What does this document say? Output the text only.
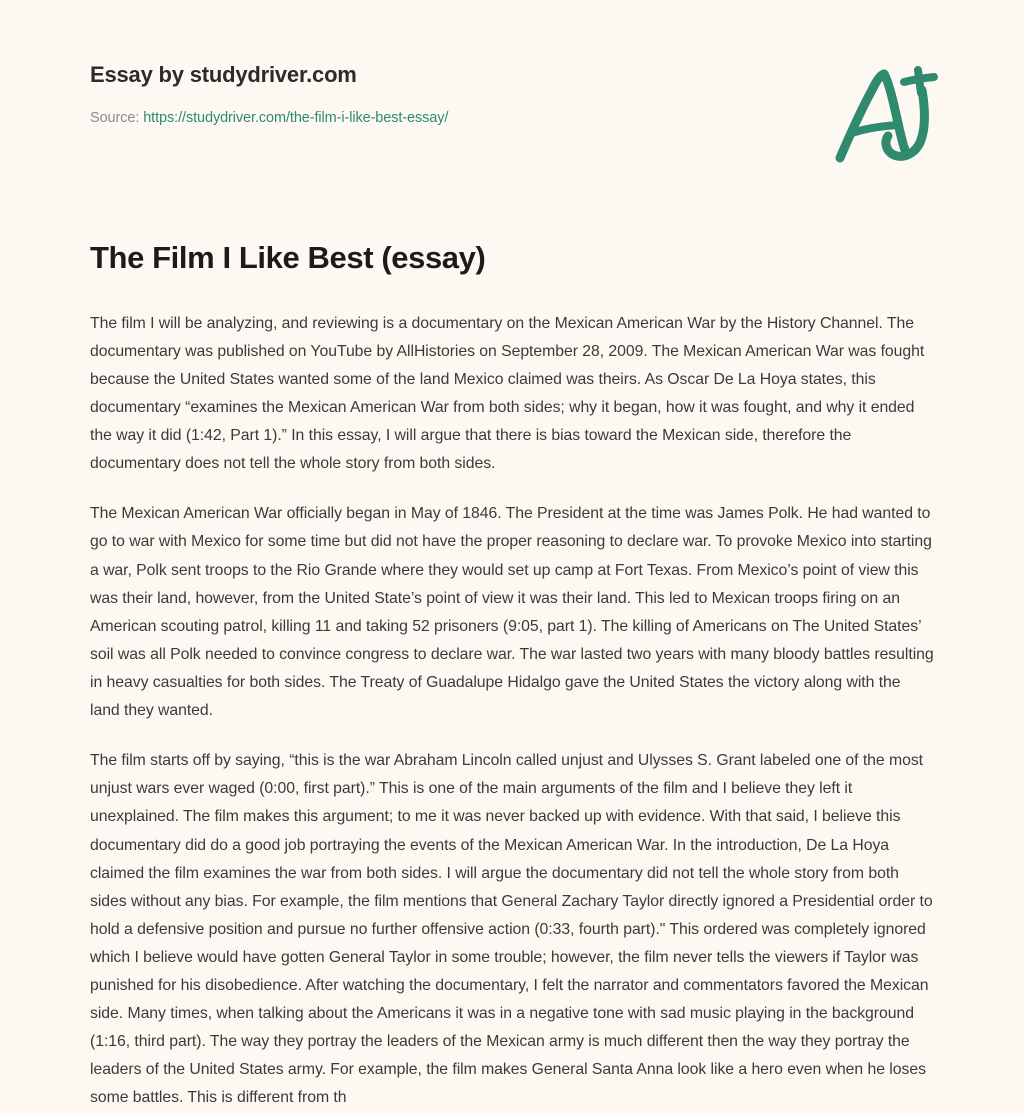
Essay by studydriver.com
Source: https://studydriver.com/the-film-i-like-best-essay/
The Film I Like Best (essay)

The film I will be analyzing, and reviewing is a documentary on the Mexican American War by the History Channel. The documentary was published on YouTube by AllHistories on September 28, 2009. The Mexican American War was fought because the United States wanted some of the land Mexico claimed was theirs. As Oscar De La Hoya states, this documentary “examines the Mexican American War from both sides; why it began, how it was fought, and why it ended the way it did (1:42, Part 1).” In this essay, I will argue that there is bias toward the Mexican side, therefore the documentary does not tell the whole story from both sides.

The Mexican American War officially began in May of 1846. The President at the time was James Polk. He had wanted to go to war with Mexico for some time but did not have the proper reasoning to declare war. To provoke Mexico into starting a war, Polk sent troops to the Rio Grande where they would set up camp at Fort Texas. From Mexico’s point of view this was their land, however, from the United State’s point of view it was their land. This led to Mexican troops firing on an American scouting patrol, killing 11 and taking 52 prisoners (9:05, part 1). The killing of Americans on The United States’ soil was all Polk needed to convince congress to declare war. The war lasted two years with many bloody battles resulting in heavy casualties for both sides. The Treaty of Guadalupe Hidalgo gave the United States the victory along with the land they wanted.

The film starts off by saying, “this is the war Abraham Lincoln called unjust and Ulysses S. Grant labeled one of the most unjust wars ever waged (0:00, first part).” This is one of the main arguments of the film and I believe they left it unexplained. The film makes this argument; to me it was never backed up with evidence. With that said, I believe this documentary did do a good job portraying the events of the Mexican American War. In the introduction, De La Hoya claimed the film examines the war from both sides. I will argue the documentary did not tell the whole story from both sides without any bias. For example, the film mentions that General Zachary Taylor directly ignored a Presidential order to hold a defensive position and pursue no further offensive action (0:33, fourth part)." This ordered was completely ignored which I believe would have gotten General Taylor in some trouble; however, the film never tells the viewers if Taylor was punished for his disobedience. After watching the documentary, I felt the narrator and commentators favored the Mexican side. Many times, when talking about the Americans it was in a negative tone with sad music playing in the background (1:16, third part). The way they portray the leaders of the Mexican army is much different then the way they portray the leaders of the United States army. For example, the film makes General Santa Anna look like a hero even when he loses some battles. This is different from th
